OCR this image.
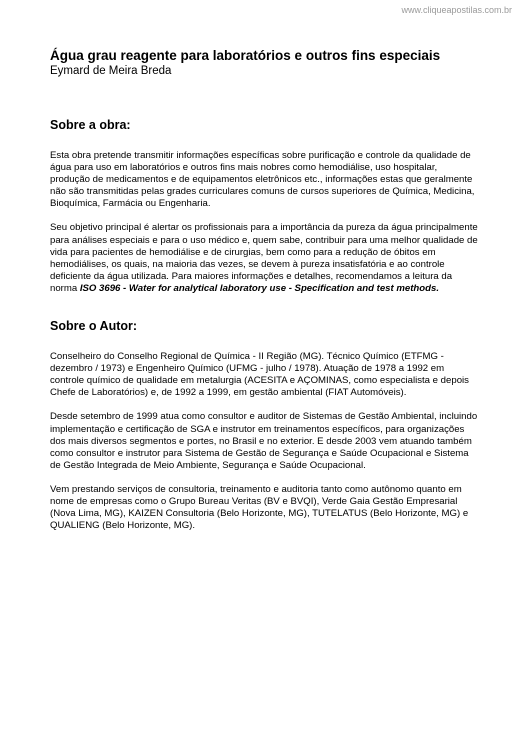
www.cliqueapostilas.com.br
Água grau reagente para laboratórios e outros fins especiais

Eymard de Meira Breda

Sobre a obra:

Esta obra pretende transmitir informações específicas sobre purificação e controle da qualidade de água para uso em laboratórios e outros fins mais nobres como hemodiálise, uso hospitalar, produção de medicamentos e de equipamentos eletrônicos etc., informações estas que geralmente não são transmitidas pelas grades curriculares comuns de cursos superiores de Química, Medicina, Bioquímica, Farmácia ou Engenharia.

Seu objetivo principal é alertar os profissionais para a importância da pureza da água principalmente para análises especiais e para o uso médico e, quem sabe, contribuir para uma melhor qualidade de vida para pacientes de hemodiálise e de cirurgias, bem como para a redução de óbitos em hemodiálises, os quais, na maioria das vezes, se devem à pureza insatisfatória e ao controle deficiente da água utilizada. Para maiores informações e detalhes, recomendamos a leitura da norma ISO 3696 - Water for analytical laboratory use - Specification and test methods.

Sobre o Autor:

Conselheiro do Conselho Regional de Química - II Região (MG). Técnico Químico (ETFMG - dezembro / 1973) e Engenheiro Químico (UFMG - julho / 1978). Atuação de 1978 a 1992 em controle químico de qualidade em metalurgia (ACESITA e AÇOMINAS, como especialista e depois Chefe de Laboratórios) e, de 1992 a 1999, em gestão ambiental (FIAT Automóveis).

Desde setembro de 1999 atua como consultor e auditor de Sistemas de Gestão Ambiental, incluindo implementação e certificação de SGA e instrutor em treinamentos específicos, para organizações dos mais diversos segmentos e portes, no Brasil e no exterior. E desde 2003 vem atuando também como consultor e instrutor para Sistema de Gestão de Segurança e Saúde Ocupacional e Sistema de Gestão Integrada de Meio Ambiente, Segurança e Saúde Ocupacional.

Vem prestando serviços de consultoria, treinamento e auditoria tanto como autônomo quanto em nome de empresas como o Grupo Bureau Veritas (BV e BVQI), Verde Gaia Gestão Empresarial (Nova Lima, MG), KAIZEN Consultoria (Belo Horizonte, MG), TUTELATUS (Belo Horizonte, MG) e QUALIENG (Belo Horizonte, MG).
